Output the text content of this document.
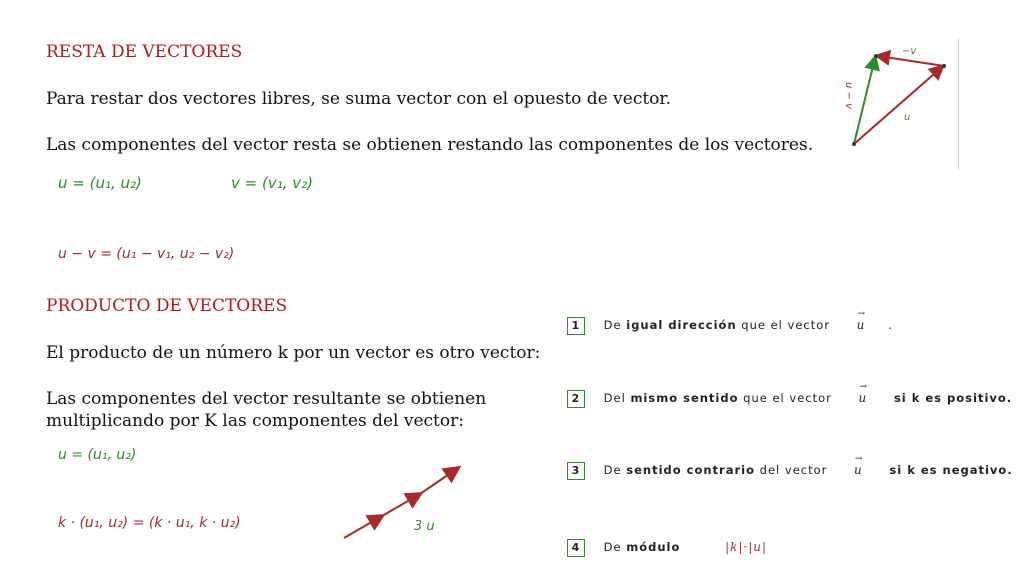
RESTA DE VECTORES
Para restar dos vectores libres, se suma vector con el opuesto de vector.
Las componentes del vector resta se obtienen restando las componentes de los vectores.
u = (u₁, u₂)	v = (v₁, v₂)
u − v = (u₁ − v₁, u₂ − v₂)
−v
u
u − v
PRODUCTO DE VECTORES
El producto de un número k por un vector es otro vector:
Las componentes del vector resultante se obtienen
multiplicando por K las componentes del vector:
u = (u₁, u₂)
k · (u₁, u₂) = (k · u₁, k · u₂)	3 u
1 De igual dirección que el vector
→
u .
2 Del mismo sentido que el vector
→
u si k es positivo.
3 De sentido contrario del vector
→
u si k es negativo.
4 De módulo	|k|·|u|
